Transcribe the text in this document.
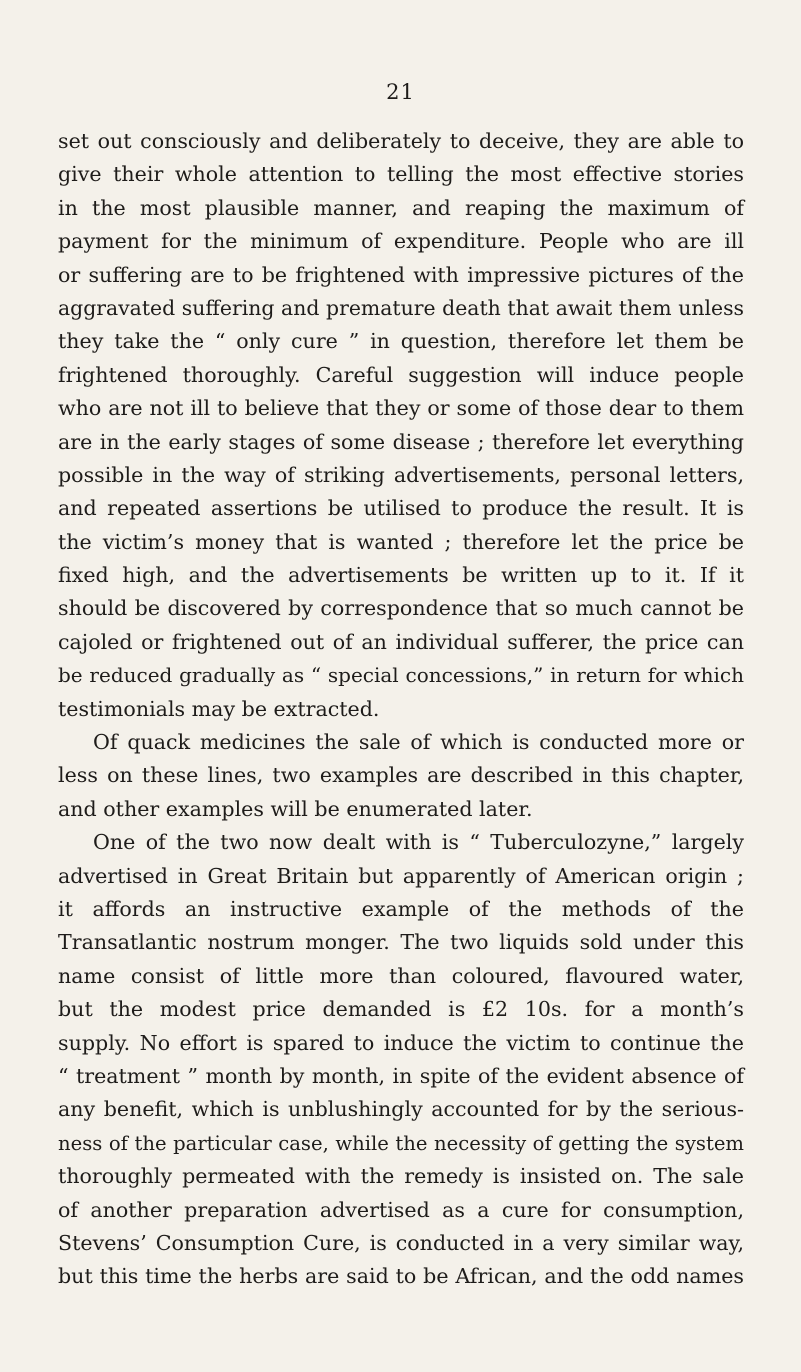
21
set out consciously and deliberately to deceive, they are able to
give their whole attention to telling the most effective stories
in the most plausible manner, and reaping the maximum of
payment for the minimum of expenditure. People who are ill
or suffering are to be frightened with impressive pictures of the
aggravated suffering and premature death that await them unless
they take the “ only cure ” in question, therefore let them be
frightened thoroughly. Careful suggestion will induce people
who are not ill to believe that they or some of those dear to them
are in the early stages of some disease ; therefore let everything
possible in the way of striking advertisements, personal letters,
and repeated assertions be utilised to produce the result. It is
the victim’s money that is wanted ; therefore let the price be
fixed high, and the advertisements be written up to it. If it
should be discovered by correspondence that so much cannot be
cajoled or frightened out of an individual sufferer, the price can
be reduced gradually as “ special concessions,” in return for which
testimonials may be extracted.
Of quack medicines the sale of which is conducted more or
less on these lines, two examples are described in this chapter,
and other examples will be enumerated later.
One of the two now dealt with is “ Tuberculozyne,” largely
advertised in Great Britain but apparently of American origin ;
it affords an instructive example of the methods of the
Transatlantic nostrum monger. The two liquids sold under this
name consist of little more than coloured, flavoured water,
but the modest price demanded is £2 10s. for a month’s
supply. No effort is spared to induce the victim to continue the
“ treatment ” month by month, in spite of the evident absence of
any benefit, which is unblushingly accounted for by the serious-
ness of the particular case, while the necessity of getting the system
thoroughly permeated with the remedy is insisted on. The sale
of another preparation advertised as a cure for consumption,
Stevens’ Consumption Cure, is conducted in a very similar way,
but this time the herbs are said to be African, and the odd names
